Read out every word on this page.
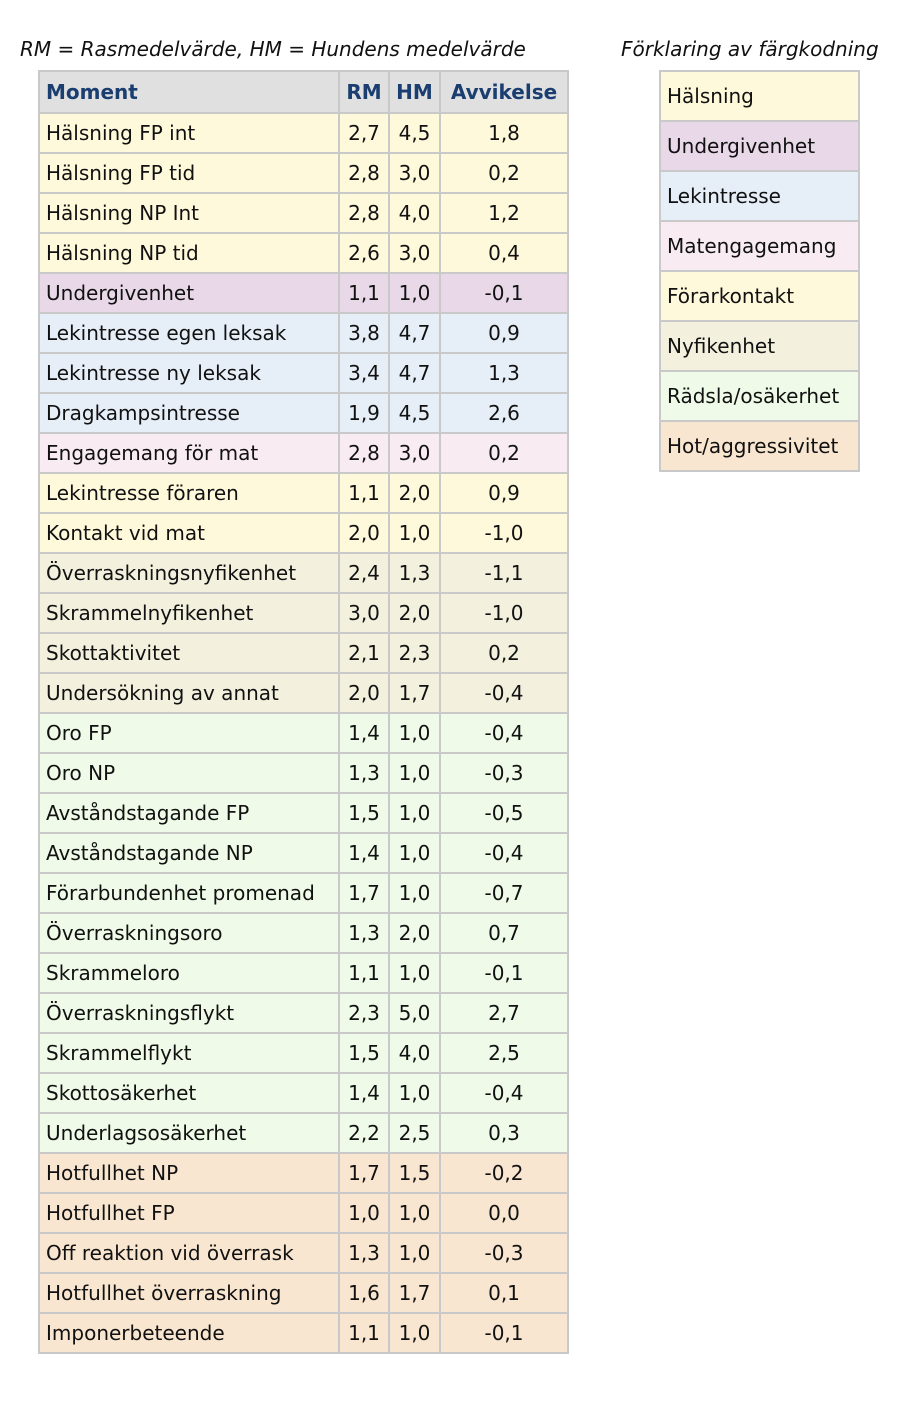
RM = Rasmedelvärde, HM = Hundens medelvärde	Förklaring av färgkodning
Moment	RM	HM	Avvikelse
Hälsning FP int	2,7	4,5	1,8
Hälsning FP tid	2,8	3,0	0,2
Hälsning NP Int	2,8	4,0	1,2
Hälsning NP tid	2,6	3,0	0,4
Undergivenhet	1,1	1,0	-0,1
Lekintresse egen leksak	3,8	4,7	0,9
Lekintresse ny leksak	3,4	4,7	1,3
Dragkampsintresse	1,9	4,5	2,6
Engagemang för mat	2,8	3,0	0,2
Lekintresse föraren	1,1	2,0	0,9
Kontakt vid mat	2,0	1,0	-1,0
Överraskningsnyfikenhet	2,4	1,3	-1,1
Skrammelnyfikenhet	3,0	2,0	-1,0
Skottaktivitet	2,1	2,3	0,2
Undersökning av annat	2,0	1,7	-0,4
Oro FP	1,4	1,0	-0,4
Oro NP	1,3	1,0	-0,3
Avståndstagande FP	1,5	1,0	-0,5
Avståndstagande NP	1,4	1,0	-0,4
Förarbundenhet promenad	1,7	1,0	-0,7
Överraskningsoro	1,3	2,0	0,7
Skrammeloro	1,1	1,0	-0,1
Överraskningsflykt	2,3	5,0	2,7
Skrammelflykt	1,5	4,0	2,5
Skottosäkerhet	1,4	1,0	-0,4
Underlagsosäkerhet	2,2	2,5	0,3
Hotfullhet NP	1,7	1,5	-0,2
Hotfullhet FP	1,0	1,0	0,0
Off reaktion vid överrask	1,3	1,0	-0,3
Hotfullhet överraskning	1,6	1,7	0,1
Imponerbeteende	1,1	1,0	-0,1
Hälsning
Undergivenhet
Lekintresse
Matengagemang
Förarkontakt
Nyfikenhet
Rädsla/osäkerhet
Hot/aggressivitet
